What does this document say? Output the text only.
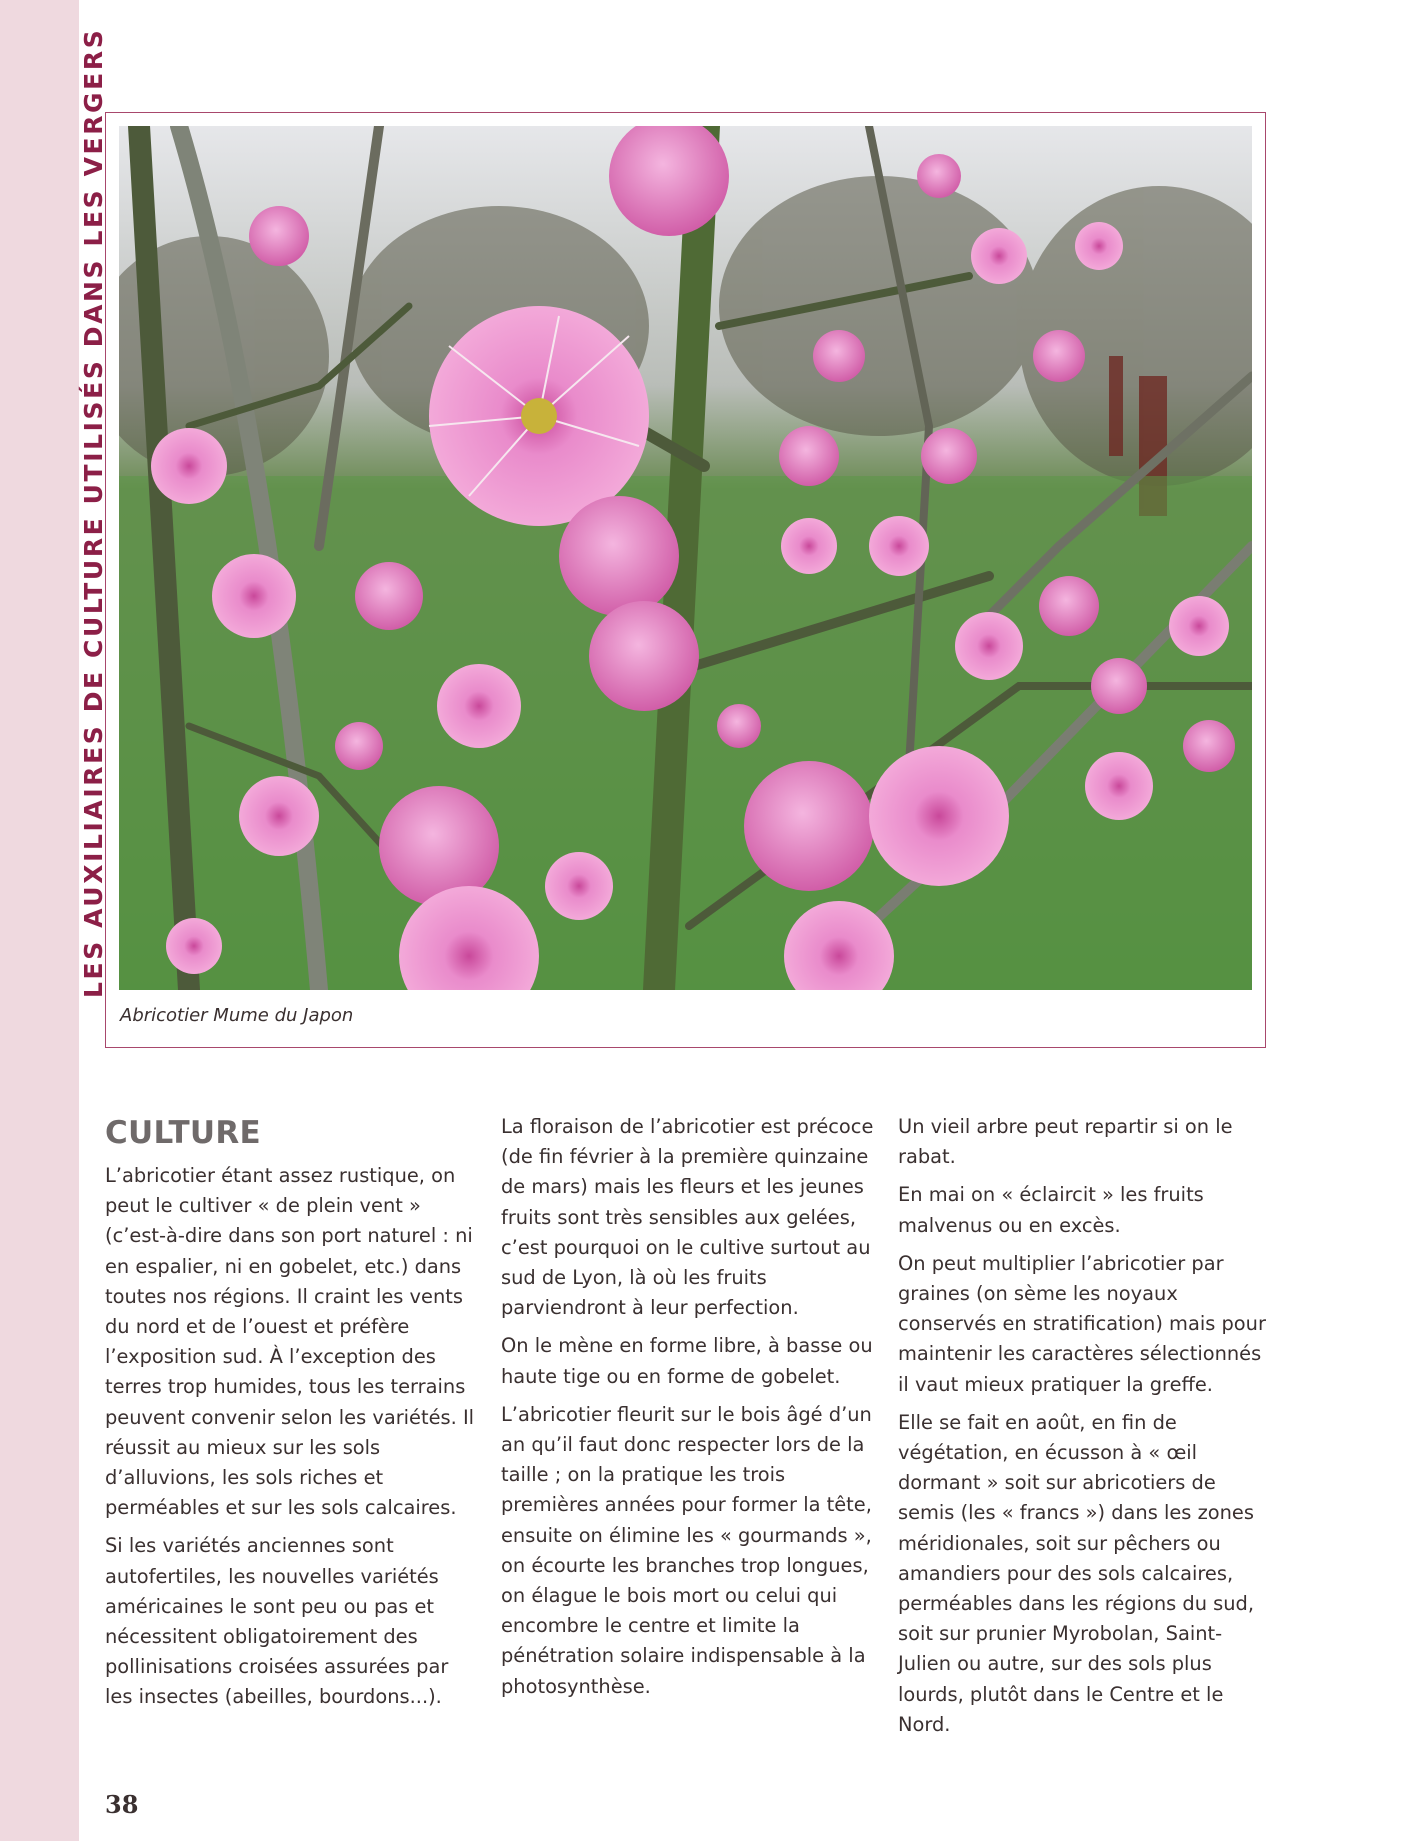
LES AUXILIAIRES DE CULTURE UTILISÉS DANS LES VERGERS
Abricotier Mume du Japon
CULTURE

L’abricotier étant assez rustique, on peut le cultiver « de plein vent » (c’est-à-dire dans son port naturel : ni en espalier, ni en gobelet, etc.) dans toutes nos régions. Il craint les vents du nord et de l’ouest et préfère l’exposition sud. À l’exception des terres trop humides, tous les terrains peuvent convenir selon les variétés. Il réussit au mieux sur les sols d’alluvions, les sols riches et perméables et sur les sols calcaires.

Si les variétés anciennes sont autofertiles, les nouvelles variétés américaines le sont peu ou pas et nécessitent obligatoirement des pollinisations croisées assurées par les insectes (abeilles, bourdons...).

La floraison de l’abricotier est précoce (de fin février à la première quinzaine de mars) mais les fleurs et les jeunes fruits sont très sensibles aux gelées, c’est pourquoi on le cultive surtout au sud de Lyon, là où les fruits parviendront à leur perfection.

On le mène en forme libre, à basse ou haute tige ou en forme de gobelet.

L’abricotier fleurit sur le bois âgé d’un an qu’il faut donc respecter lors de la taille ; on la pratique les trois premières années pour former la tête, ensuite on élimine les « gourmands », on écourte les branches trop longues, on élague le bois mort ou celui qui encombre le centre et limite la pénétration solaire indispensable à la photosynthèse.

Un vieil arbre peut repartir si on le rabat.

En mai on « éclaircit » les fruits malvenus ou en excès.

On peut multiplier l’abricotier par graines (on sème les noyaux conservés en stratification) mais pour maintenir les caractères sélectionnés il vaut mieux pratiquer la greffe.

Elle se fait en août, en fin de végétation, en écusson à « œil dormant » soit sur abricotiers de semis (les « francs ») dans les zones méridionales, soit sur pêchers ou amandiers pour des sols calcaires, perméables dans les régions du sud, soit sur prunier Myrobolan, Saint-Julien ou autre, sur des sols plus lourds, plutôt dans le Centre et le Nord.

38
